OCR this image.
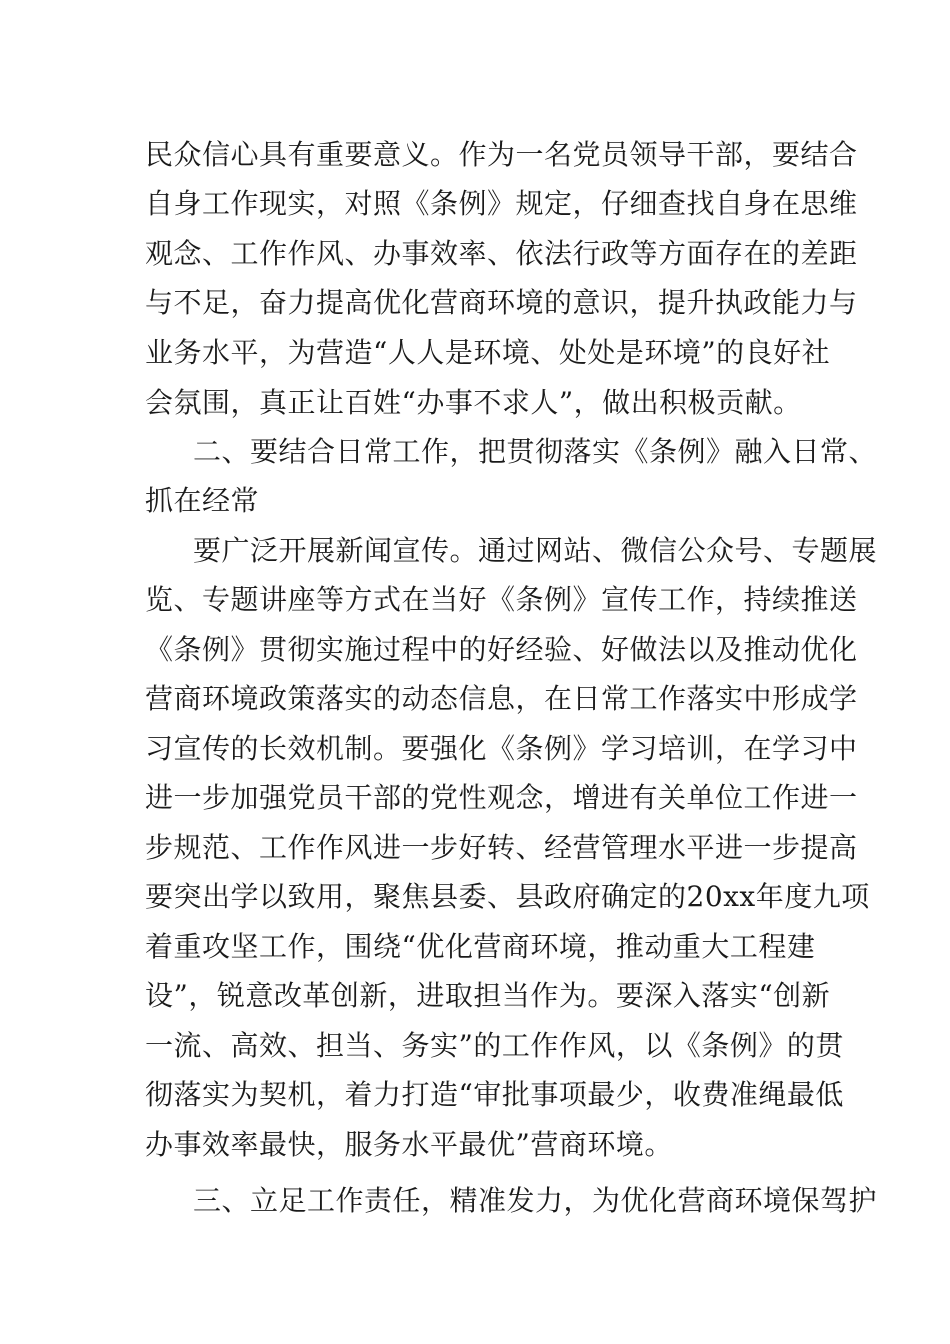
民众信心具有重要意义。作为一名党员领导干部，要结合
自身工作现实，对照《条例》规定，仔细查找自身在思维
观念、工作作风、办事效率、依法行政等方面存在的差距
与不足，奋力提高优化营商环境的意识，提升执政能力与
业务水平，为营造“人人是环境、处处是环境”的良好社
会氛围，真正让百姓“办事不求人”，做出积极贡献。
二、要结合日常工作，把贯彻落实《条例》融入日常、
抓在经常
要广泛开展新闻宣传。通过网站、微信公众号、专题展
览、专题讲座等方式在当好《条例》宣传工作，持续推送
《条例》贯彻实施过程中的好经验、好做法以及推动优化
营商环境政策落实的动态信息，在日常工作落实中形成学
习宣传的长效机制。要强化《条例》学习培训，在学习中
进一步加强党员干部的党性观念，增进有关单位工作进一
步规范、工作作风进一步好转、经营管理水平进一步提高
要突出学以致用，聚焦县委、县政府确定的20xx年度九项
着重攻坚工作，围绕“优化营商环境，推动重大工程建
设”，锐意改革创新，进取担当作为。要深入落实“创新
一流、高效、担当、务实”的工作作风，以《条例》的贯
彻落实为契机，着力打造“审批事项最少，收费准绳最低
办事效率最快，服务水平最优”营商环境。
三、立足工作责任，精准发力，为优化营商环境保驾护
